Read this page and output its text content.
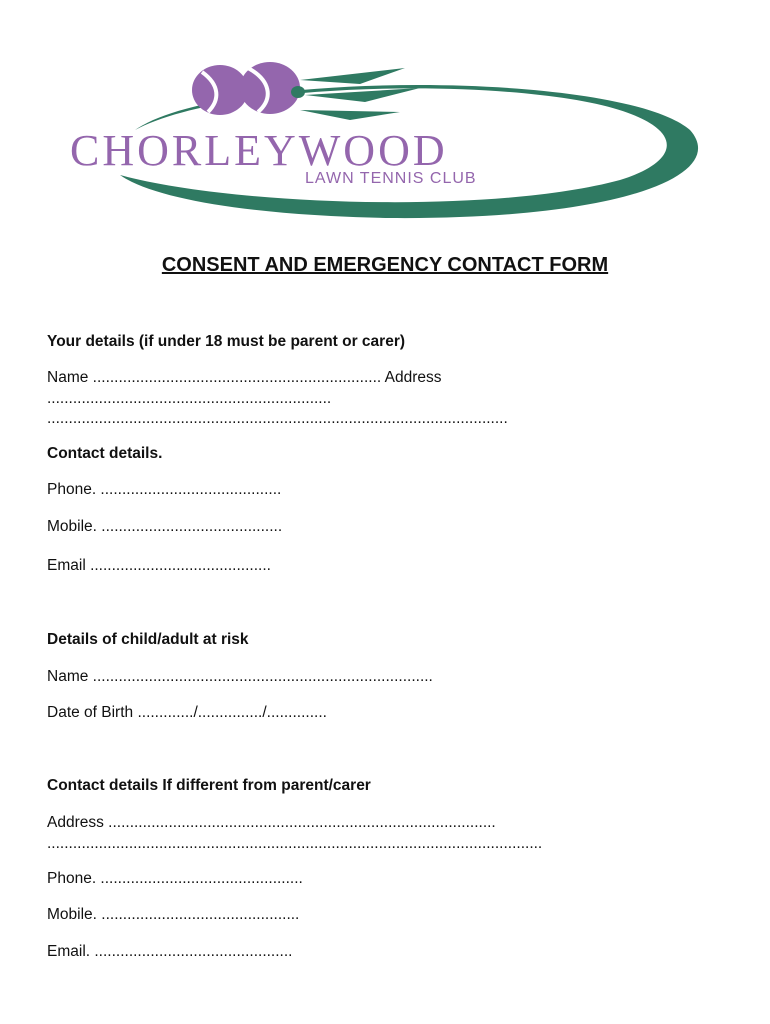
CHORLEYWOOD
LAWN TENNIS CLUB
CONSENT AND EMERGENCY CONTACT FORM
Your details (if under 18 must be parent or carer)
Name ................................................................... Address
..................................................................
...........................................................................................................
Contact details.
Phone. ..........................................
Mobile. ..........................................
Email ..........................................
Details of child/adult at risk
Name ...............................................................................
Date of Birth ............./.............../..............
Contact details If different from parent/carer
Address ..........................................................................................
...................................................................................................................
Phone. ...............................................
Mobile. ..............................................
Email. ..............................................
